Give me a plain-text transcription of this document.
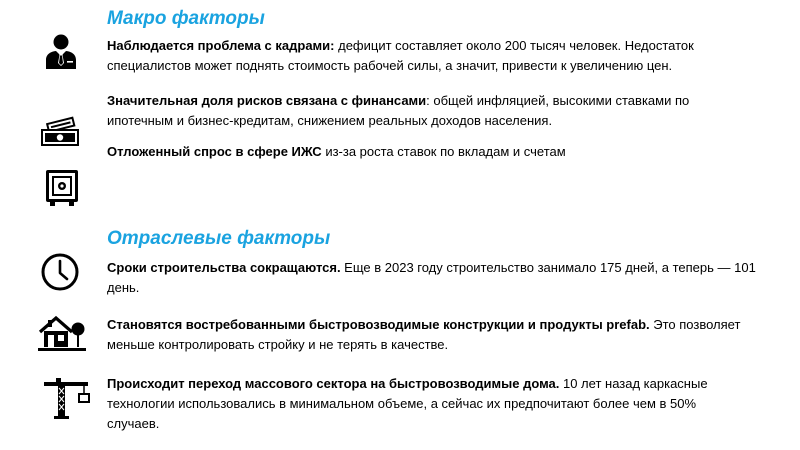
Макро факторы

Наблюдается проблема с кадрами: дефицит составляет около 200 тысяч человек. Недостаток специалистов может поднять стоимость рабочей силы, а значит, привести к увеличению цен.

Значительная доля рисков связана с финансами: общей инфляцией, высокими ставками по ипотечным и бизнес-кредитам, снижением реальных доходов населения.

Отложенный спрос в сфере ИЖС из-за роста ставок по вкладам и счетам

Отраслевые факторы

Сроки строительства сокращаются. Еще в 2023 году строительство занимало 175 дней, а теперь — 101 день.

Становятся востребованными быстровозводимые конструкции и продукты prefab. Это позволяет меньше контролировать стройку и не терять в качестве.

Происходит переход массового сектора на быстровозводимые дома. 10 лет назад каркасные технологии использовались в минимальном объеме, а сейчас их предпочитают более чем в 50% случаев.
